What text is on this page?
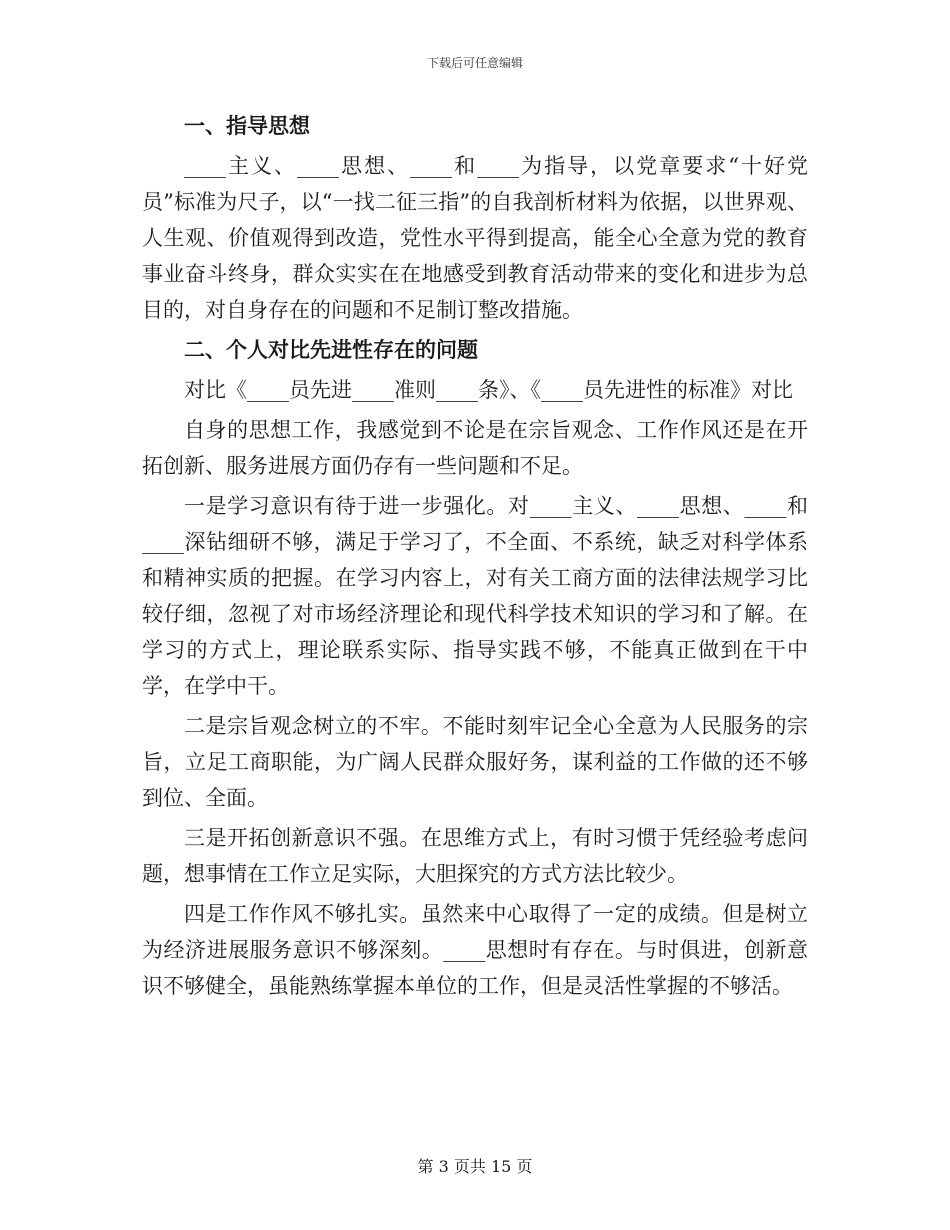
下载后可任意编辑

一、指导思想

____主义、____思想、____和____为指导，以党章要求“十好党员”标准为尺子，以“一找二征三指”的自我剖析材料为依据，以世界观、人生观、价值观得到改造，党性水平得到提高，能全心全意为党的教育事业奋斗终身，群众实实在在地感受到教育活动带来的变化和进步为总目的，对自身存在的问题和不足制订整改措施。

二、个人对比先进性存在的问题

对比《____员先进____准则____条》、《____员先进性的标准》对比

自身的思想工作，我感觉到不论是在宗旨观念、工作作风还是在开拓创新、服务进展方面仍存有一些问题和不足。

一是学习意识有待于进一步强化。对____主义、____思想、____和____深钻细研不够，满足于学习了，不全面、不系统，缺乏对科学体系和精神实质的把握。在学习内容上，对有关工商方面的法律法规学习比较仔细，忽视了对市场经济理论和现代科学技术知识的学习和了解。在学习的方式上，理论联系实际、指导实践不够，不能真正做到在干中学，在学中干。

二是宗旨观念树立的不牢。不能时刻牢记全心全意为人民服务的宗旨，立足工商职能，为广阔人民群众服好务，谋利益的工作做的还不够到位、全面。

三是开拓创新意识不强。在思维方式上，有时习惯于凭经验考虑问题，想事情在工作立足实际，大胆探究的方式方法比较少。

四是工作作风不够扎实。虽然来中心取得了一定的成绩。但是树立为经济进展服务意识不够深刻。____思想时有存在。与时俱进，创新意识不够健全，虽能熟练掌握本单位的工作，但是灵活性掌握的不够活。

第 3 页共 15 页
